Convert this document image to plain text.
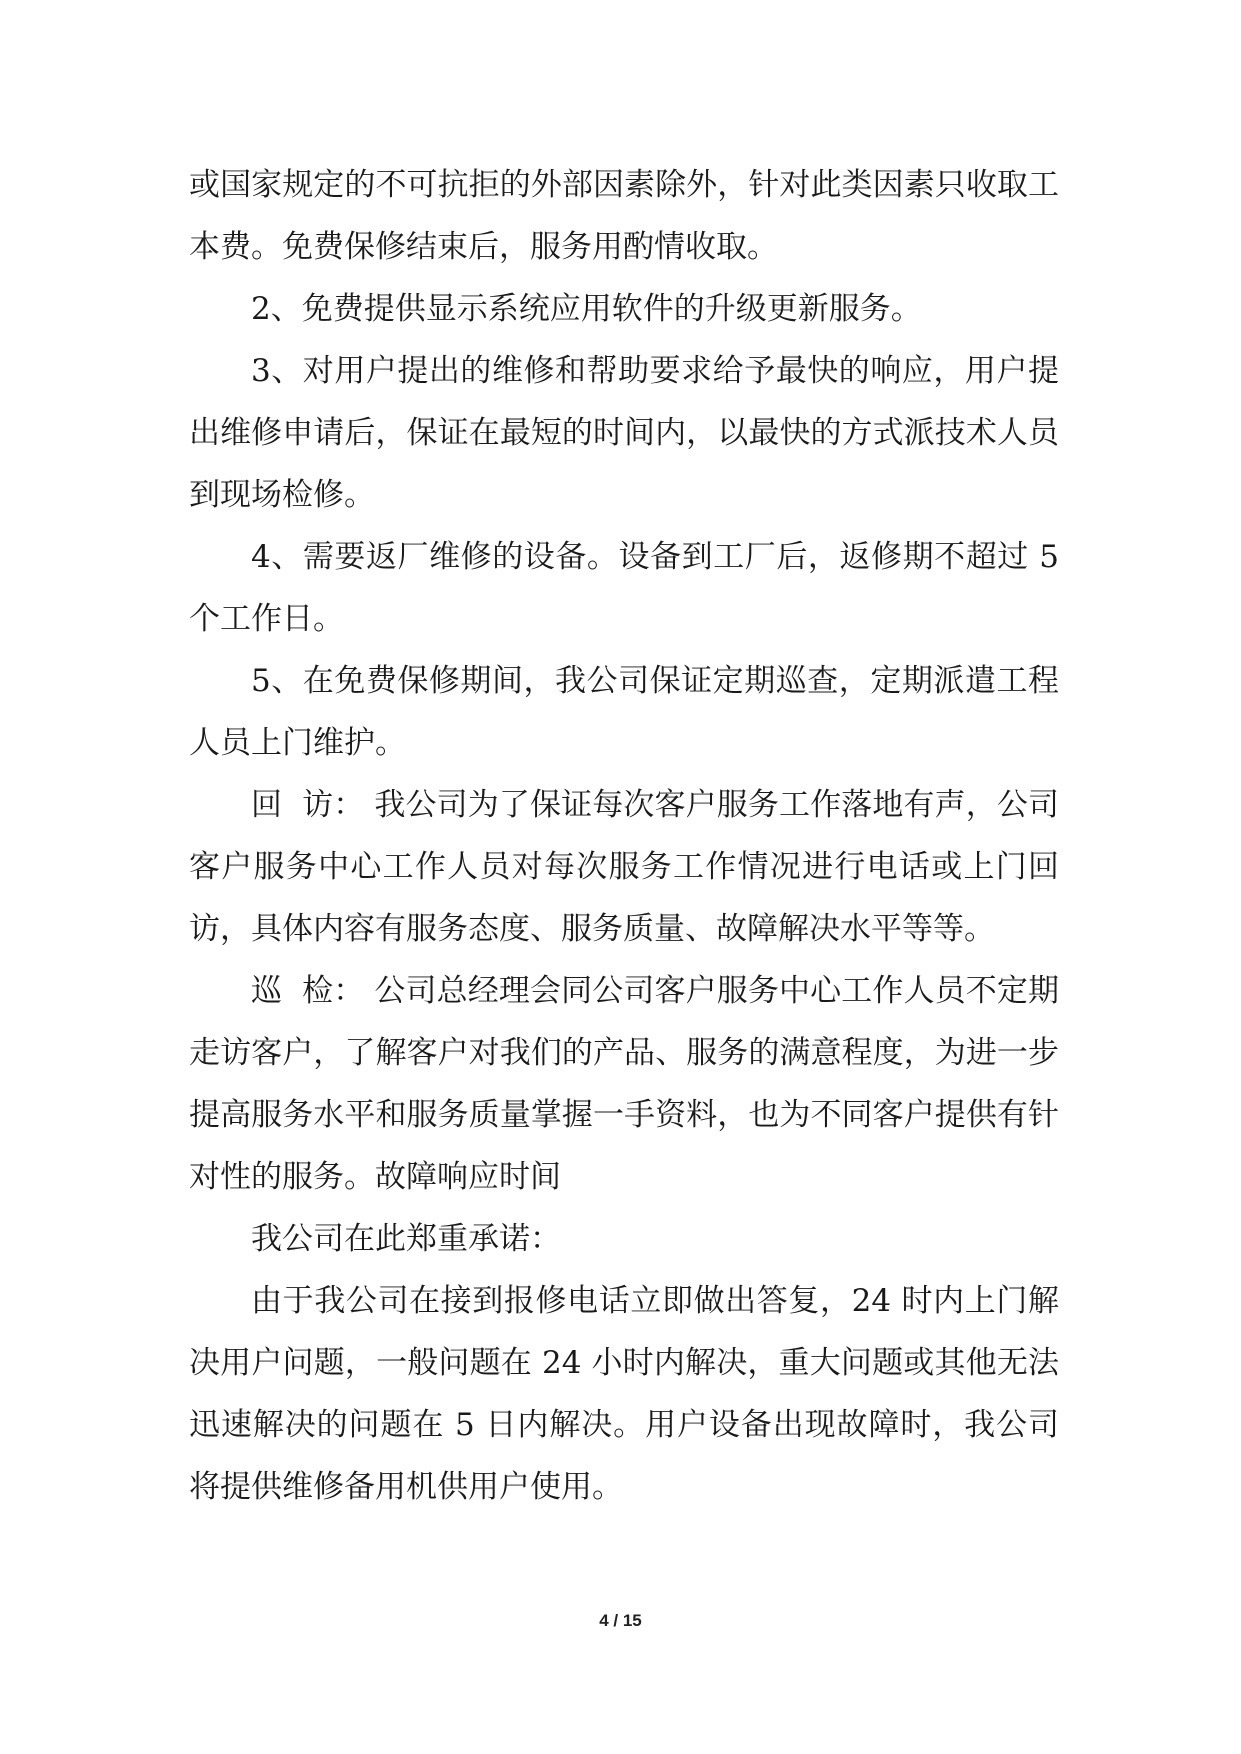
或国家规定的不可抗拒的外部因素除外，针对此类因素只收取工本费。免费保修结束后，服务用酌情收取。

2、免费提供显示系统应用软件的升级更新服务。

3、对用户提出的维修和帮助要求给予最快的响应，用户提出维修申请后，保证在最短的时间内，以最快的方式派技术人员到现场检修。

4、需要返厂维修的设备。设备到工厂后，返修期不超过 5 个工作日。

5、在免费保修期间，我公司保证定期巡查，定期派遣工程人员上门维护。

回  访： 我公司为了保证每次客户服务工作落地有声，公司客户服务中心工作人员对每次服务工作情况进行电话或上门回访，具体内容有服务态度、服务质量、故障解决水平等等。

巡  检： 公司总经理会同公司客户服务中心工作人员不定期走访客户，了解客户对我们的产品、服务的满意程度，为进一步提高服务水平和服务质量掌握一手资料，也为不同客户提供有针对性的服务。故障响应时间

我公司在此郑重承诺：

由于我公司在接到报修电话立即做出答复，24 时内上门解决用户问题，一般问题在 24 小时内解决，重大问题或其他无法迅速解决的问题在 5 日内解决。用户设备出现故障时，我公司将提供维修备用机供用户使用。

4 / 15
